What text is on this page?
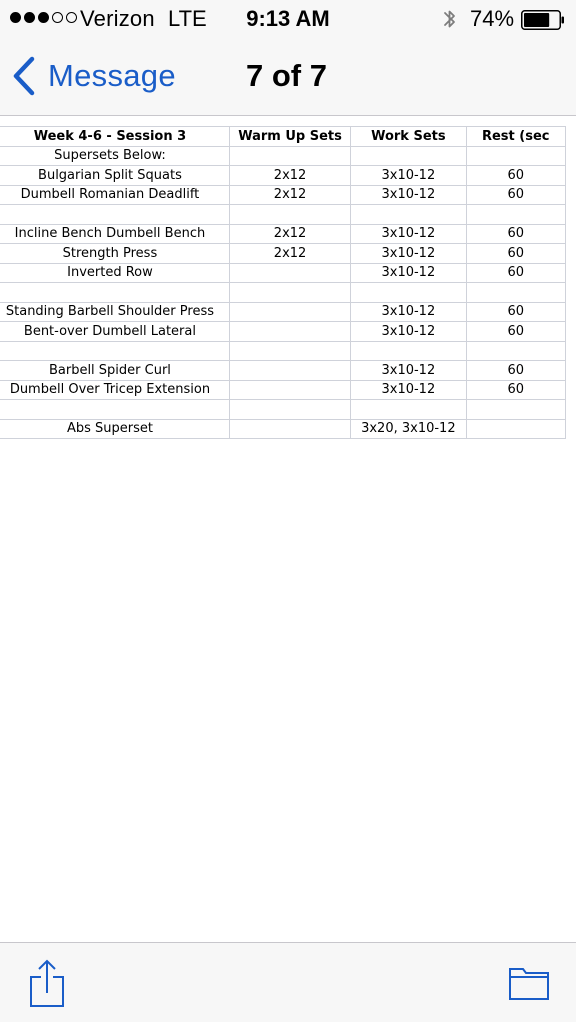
Verizon LTE	9:13 AM	74%
Message 7 of 7
Week 4-6 - Session 3	Warm Up Sets	Work Sets	Rest (sec
Supersets Below:			
Bulgarian Split Squats	2x12	3x10-12	60
Dumbell Romanian Deadlift	2x12	3x10-12	60

Incline Bench Dumbell Bench	2x12	3x10-12	60
Strength Press	2x12	3x10-12	60
Inverted Row		3x10-12	60

Standing Barbell Shoulder Press		3x10-12	60
Bent-over Dumbell Lateral		3x10-12	60

Barbell Spider Curl		3x10-12	60
Dumbell Over Tricep Extension		3x10-12	60

Abs Superset		3x20, 3x10-12	
